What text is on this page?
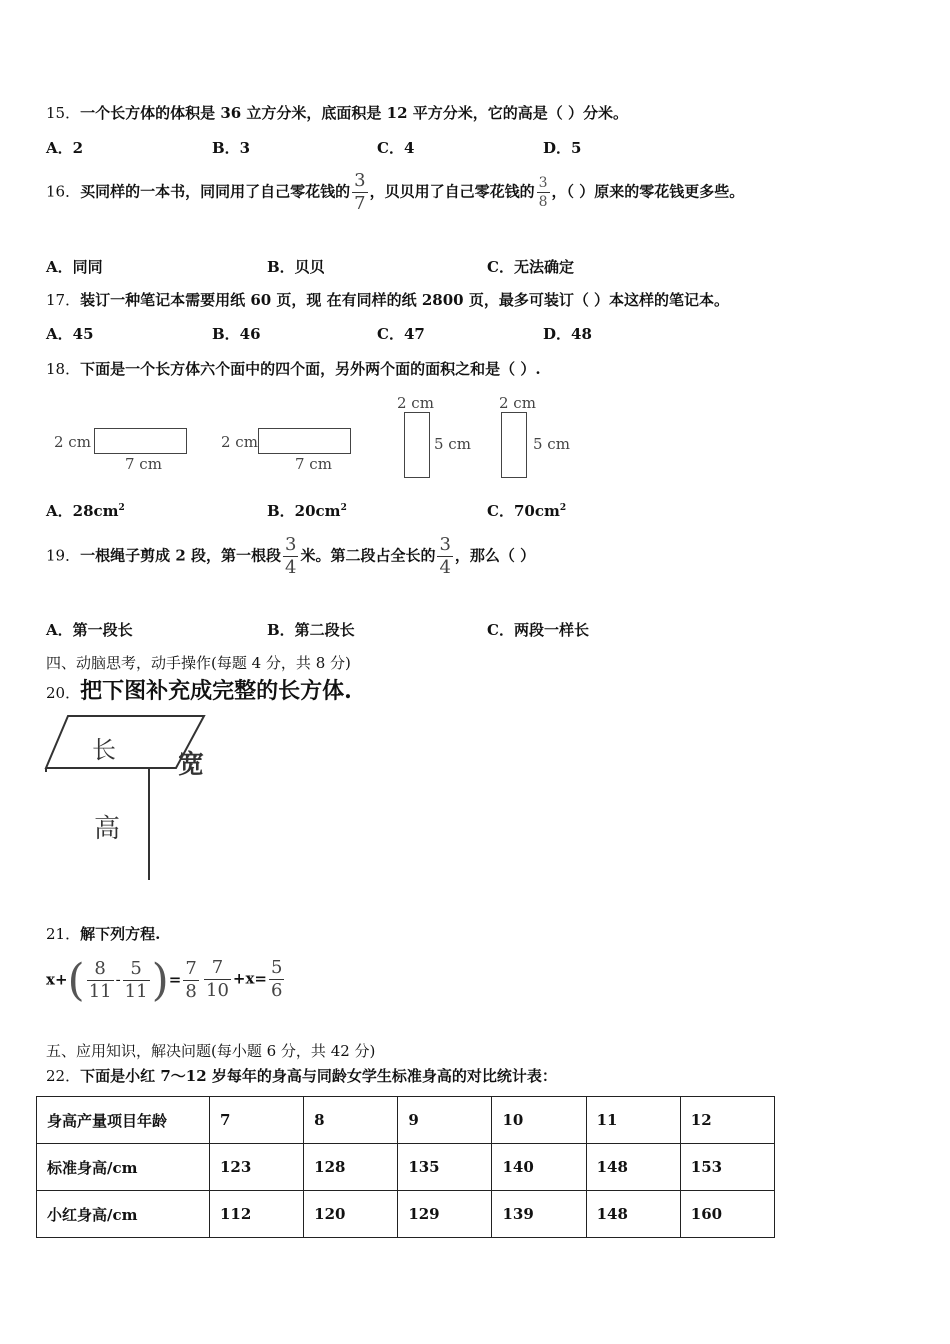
15．一个长方体的体积是 36 立方分米，底面积是 12 平方分米，它的高是（ ）分米。
A．2	B．3	C．4	D．5
16．买同样的一本书，同同用了自己零花钱的 $\frac{3}{7}$ ，贝贝用了自己零花钱的 $\frac{3}{8}$ ，（ ）原来的零花钱更多些。
A．同同	B．贝贝	C．无法确定
17．装订一种笔记本需要用纸 60 页，现 在有同样的纸 2800 页，最多可装订（ ）本这样的笔记本。
A．45	B．46	C．47	D．48
18．下面是一个长方体六个面中的四个面，另外两个面的面积之和是（ ）.
2 cm
7 cm
2 cm
7 cm
2 cm
5 cm
2 cm
5 cm
A．$28cm^2$	B．$20cm^2$	C．$70cm^2$
19．一根绳子剪成 2 段，第一根段 $\frac{3}{4}$ 米。第二段占全长的 $\frac{3}{4}$ ，那么（ ）
A．第一段长	B．第二段长	C．两段一样长
四、动脑思考，动手操作(每题 4 分，共 8 分)
20．把下图补充成完整的长方体.
长 宽
高
21．解下列方程.
$x+( \frac{8}{11} - \frac{5}{11}$ )= $\frac{7}{8} \frac{7}{10} +x= \frac{5}{6}$
五、应用知识，解决问题(每小题 6 分，共 42 分)
22．下面是小红 7～12 岁每年的身高与同龄女学生标准身高的对比统计表：
身高产量项目年龄	7	8	9	10	11	12
标准身高/cm	123	128	135	140	148	153
小红身高/cm	112	120	129	139	148	160
